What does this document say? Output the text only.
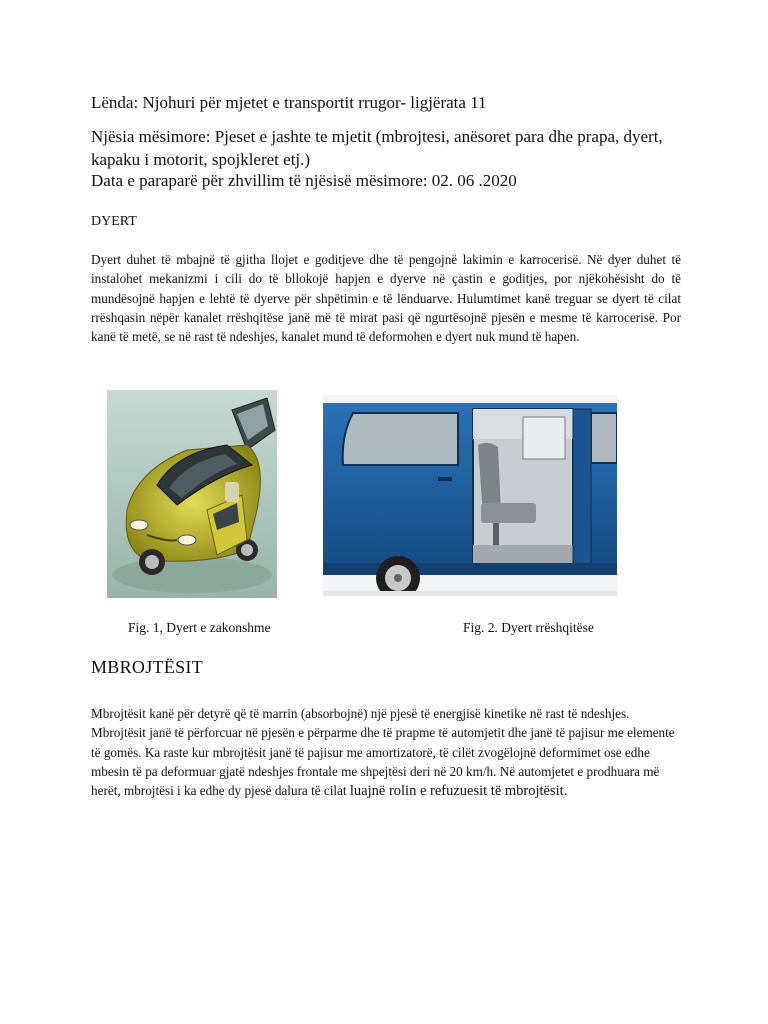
Lënda: Njohuri për mjetet e transportit rrugor- ligjërata 11
Njësia mësimore: Pjeset e jashte te mjetit (mbrojtesi, anësoret para dhe prapa, dyert, kapaku i motorit, spojkleret etj.)
Data e paraparë për zhvillim të njësisë mësimore: 02. 06 .2020
DYERT
Dyert duhet të mbajnë të gjitha llojet e goditjeve dhe të pengojnë lakimin e karrocerisë. Në dyer duhet të instalohet mekanizmi i cili do të bllokojë hapjen e dyerve në çastin e goditjes, por njëkohësisht do të mundësojnë hapjen e lehtë të dyerve për shpëtimin e të lënduarve. Hulumtimet kanë treguar se dyert të cilat rrëshqasin nëpër kanalet rrëshqitëse janë më të mirat pasi që ngurtësojnë pjesën e mesme të karrocerisë. Por kanë të metë, se në rast të ndeshjes, kanalet mund të deformohen e dyert nuk mund të hapen.
Fig. 1, Dyert e zakonshme	Fig. 2. Dyert rrëshqitëse
MBROJTËSIT
Mbrojtësit kanë për detyrë që të marrin (absorbojnë) një pjesë të energjisë kinetike në rast të ndeshjes. Mbrojtësit janë të përforcuar në pjesën e përparme dhe të prapme të automjetit dhe janë të pajisur me elemente të gomës. Ka raste kur mbrojtësit janë të pajisur me amortizatorë, të cilët zvogëlojnë deformimet ose edhe mbesin të pa deformuar gjatë ndeshjes frontale me shpejtësi deri në 20 km/h. Në automjetet e prodhuara më herët, mbrojtësi i ka edhe dy pjesë dalura të cilat luajnë rolin e refuzuesit të mbrojtësit.
